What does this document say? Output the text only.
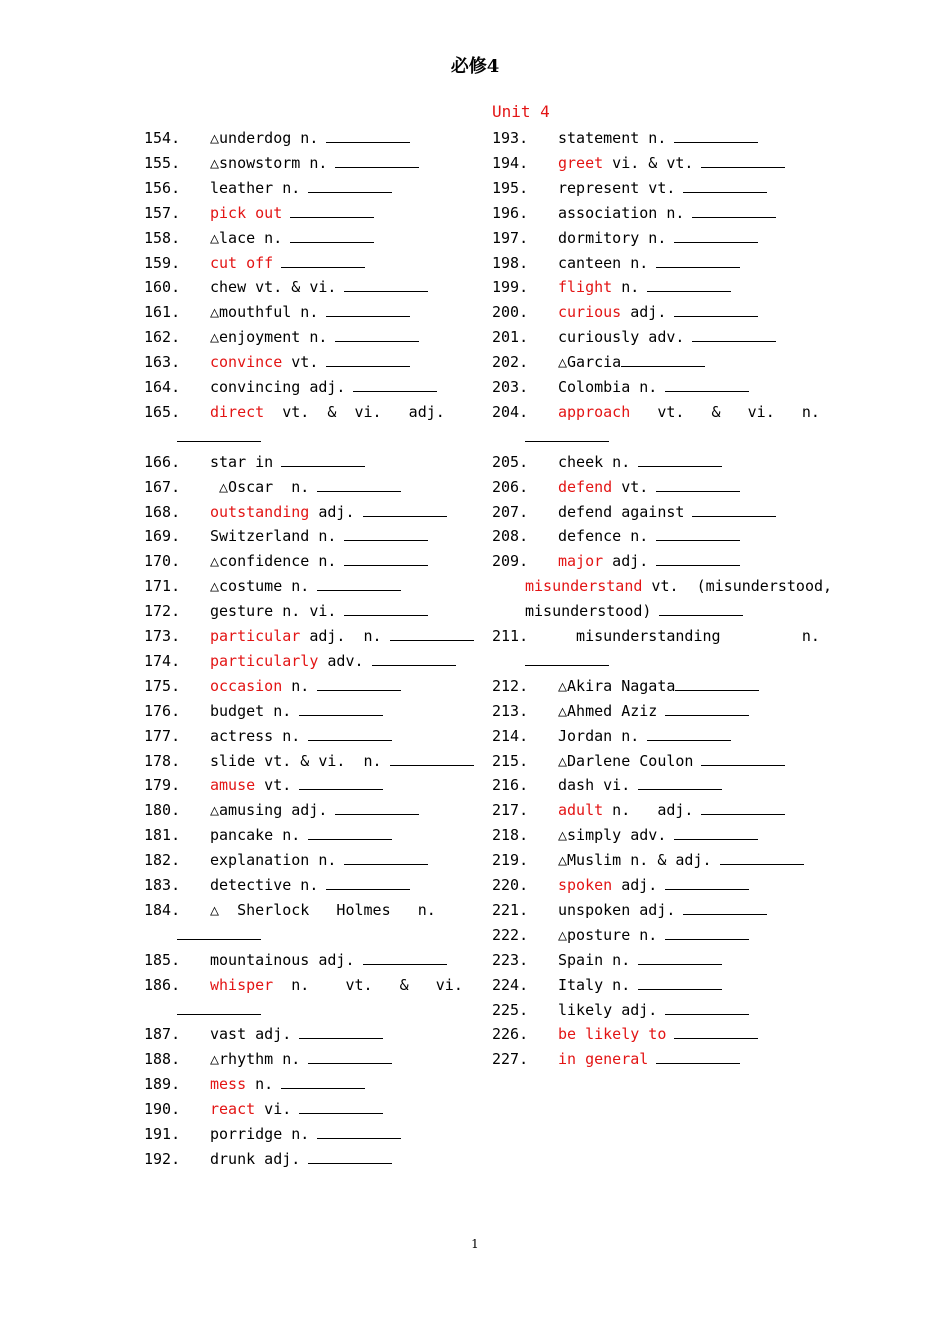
必修4
Unit 4
154. △underdog n.
155. △snowstorm n.
156. leather n.
157. pick out
158. △lace n.
159. cut off
160. chew vt. & vi.
161. △mouthful n.
162. △enjoyment n.
163. convince vt.
164. convincing adj.
165. direct  vt.  &  vi.   adj.
166. star in
167. △Oscar  n.
168. outstanding adj.
169. Switzerland n.
170. △confidence n.
171. △costume n.
172. gesture n. vi.
173. particular adj.  n.
174. particularly adv.
175. occasion n.
176. budget n.
177. actress n.
178. slide vt. & vi.  n.
179. amuse vt.
180. △amusing adj.
181. pancake n.
182. explanation n.
183. detective n.
184. △  Sherlock   Holmes   n.
185. mountainous adj.
186. whisper  n.    vt.   &   vi.
187. vast adj.
188. △rhythm n.
189. mess n.
190. react vi.
191. porridge n.
192. drunk adj.
193. statement n.
194. greet vi. & vt.
195. represent vt.
196. association n.
197. dormitory n.
198. canteen n.
199. flight n.
200. curious adj.
201. curiously adv.
202. △Garcia
203. Colombia n.
204. approach   vt.   &   vi.   n.
205. cheek n.
206. defend vt.
207. defend against
208. defence n.
209. major adj.
misunderstand vt.  (misunderstood,
misunderstood)
211.  misunderstanding         n.
212. △Akira Nagata
213. △Ahmed Aziz
214. Jordan n.
215. △Darlene Coulon
216. dash vi.
217. adult n.   adj.
218. △simply adv.
219. △Muslim n. & adj.
220. spoken adj.
221. unspoken adj.
222. △posture n.
223. Spain n.
224. Italy n.
225. likely adj.
226. be likely to
227. in general
1
